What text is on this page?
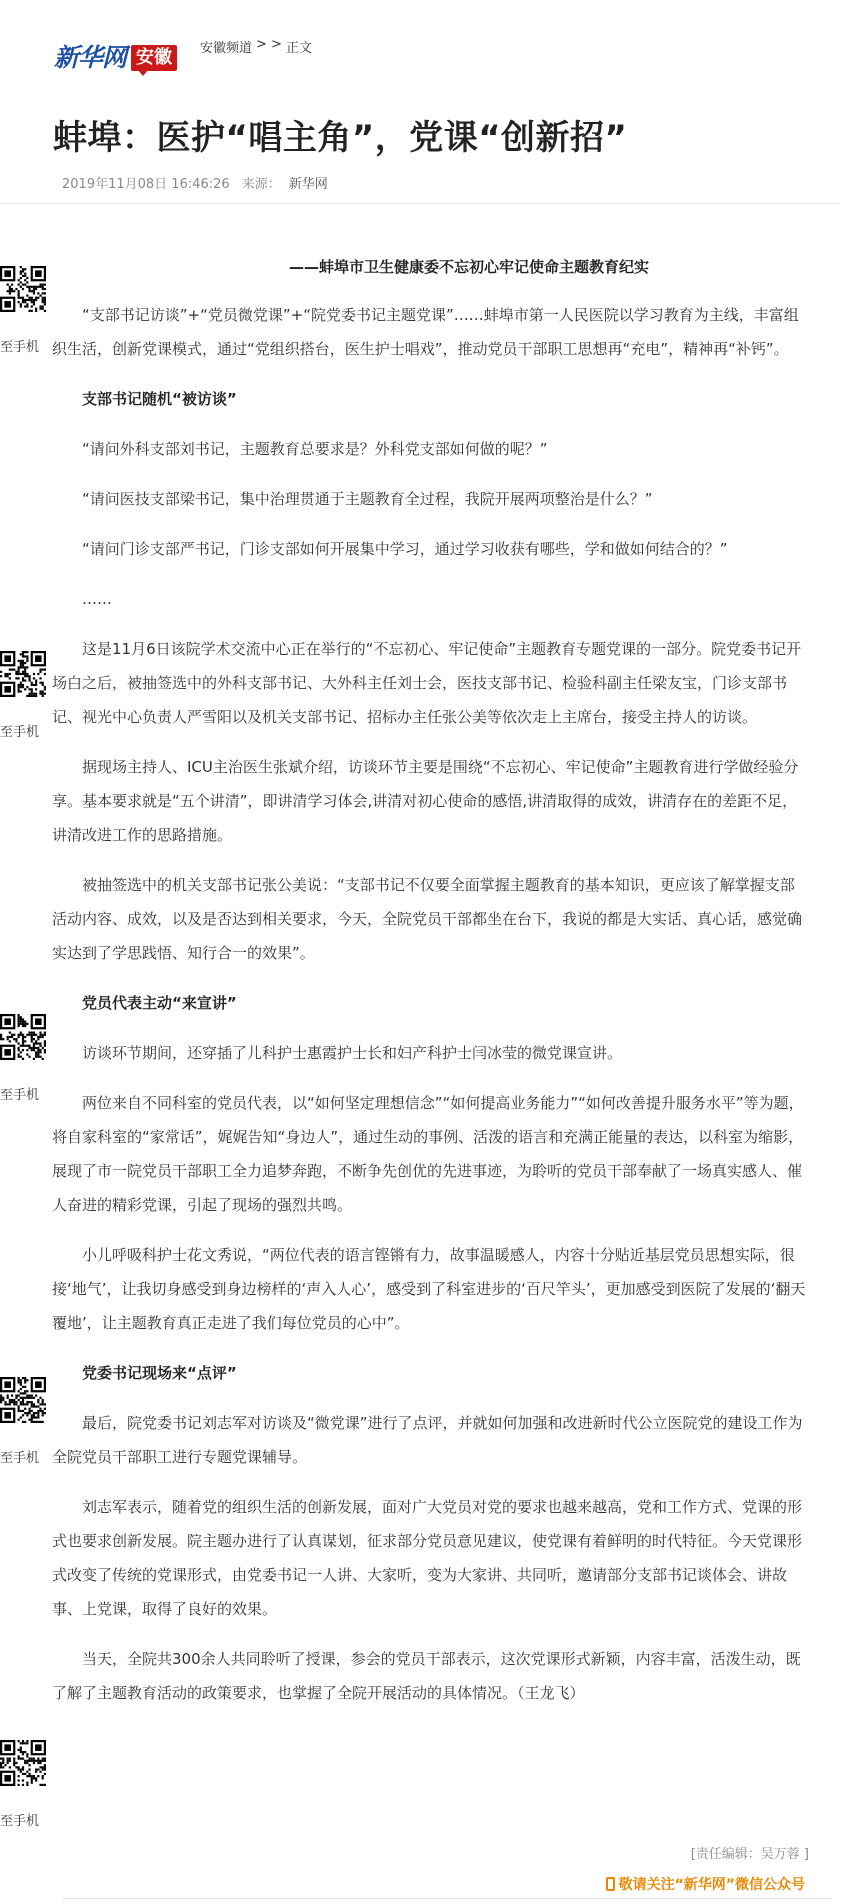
新华网 安徽	安徽频道 > > 正文
蚌埠：医护“唱主角”，党课“创新招”
2019年11月08日 16:46:26 来源： 新华网
至手机
至手机
至手机
至手机
至手机

——蚌埠市卫生健康委不忘初心牢记使命主题教育纪实

“支部书记访谈”+“党员微党课”+“院党委书记主题党课”……蚌埠市第一人民医院以学习教育为主线，丰富组织生活，创新党课模式，通过“党组织搭台，医生护士唱戏”，推动党员干部职工思想再“充电”，精神再“补钙”。

支部书记随机“被访谈”

“请问外科支部刘书记，主题教育总要求是？外科党支部如何做的呢？”

“请问医技支部梁书记，集中治理贯通于主题教育全过程，我院开展两项整治是什么？”

“请问门诊支部严书记，门诊支部如何开展集中学习，通过学习收获有哪些，学和做如何结合的？”

……

这是11月6日该院学术交流中心正在举行的“不忘初心、牢记使命”主题教育专题党课的一部分。院党委书记开场白之后，被抽签选中的外科支部书记、大外科主任刘士会，医技支部书记、检验科副主任梁友宝，门诊支部书记、视光中心负责人严雪阳以及机关支部书记、招标办主任张公美等依次走上主席台，接受主持人的访谈。

据现场主持人、ICU主治医生张斌介绍，访谈环节主要是围绕“不忘初心、牢记使命”主题教育进行学做经验分享。基本要求就是“五个讲清”，即讲清学习体会,讲清对初心使命的感悟,讲清取得的成效，讲清存在的差距不足，讲清改进工作的思路措施。

被抽签选中的机关支部书记张公美说：“支部书记不仅要全面掌握主题教育的基本知识，更应该了解掌握支部活动内容、成效，以及是否达到相关要求，今天，全院党员干部都坐在台下，我说的都是大实话、真心话，感觉确实达到了学思践悟、知行合一的效果”。

党员代表主动“来宣讲”

访谈环节期间，还穿插了儿科护士惠霞护士长和妇产科护士闫冰莹的微党课宣讲。

两位来自不同科室的党员代表，以“如何坚定理想信念”“如何提高业务能力”“如何改善提升服务水平”等为题，将自家科室的“家常话”，娓娓告知“身边人”，通过生动的事例、活泼的语言和充满正能量的表达，以科室为缩影，展现了市一院党员干部职工全力追梦奔跑，不断争先创优的先进事迹，为聆听的党员干部奉献了一场真实感人、催人奋进的精彩党课，引起了现场的强烈共鸣。

小儿呼吸科护士花文秀说，“两位代表的语言铿锵有力，故事温暖感人，内容十分贴近基层党员思想实际，很接‘地气’，让我切身感受到身边榜样的‘声入人心’，感受到了科室进步的‘百尺竿头’，更加感受到医院了发展的‘翻天覆地’，让主题教育真正走进了我们每位党员的心中”。

党委书记现场来“点评”

最后，院党委书记刘志军对访谈及“微党课”进行了点评，并就如何加强和改进新时代公立医院党的建设工作为全院党员干部职工进行专题党课辅导。

刘志军表示，随着党的组织生活的创新发展，面对广大党员对党的要求也越来越高，党和工作方式、党课的形式也要求创新发展。院主题办进行了认真谋划，征求部分党员意见建议，使党课有着鲜明的时代特征。今天党课形式改变了传统的党课形式，由党委书记一人讲、大家听，变为大家讲、共同听，邀请部分支部书记谈体会、讲故事、上党课，取得了良好的效果。

当天，全院共300余人共同聆听了授课，参会的党员干部表示，这次党课形式新颖，内容丰富，活泼生动，既了解了主题教育活动的政策要求，也掌握了全院开展活动的具体情况。（王龙飞）

[责任编辑：吴万蓉 ]
敬请关注“新华网”微信公众号
